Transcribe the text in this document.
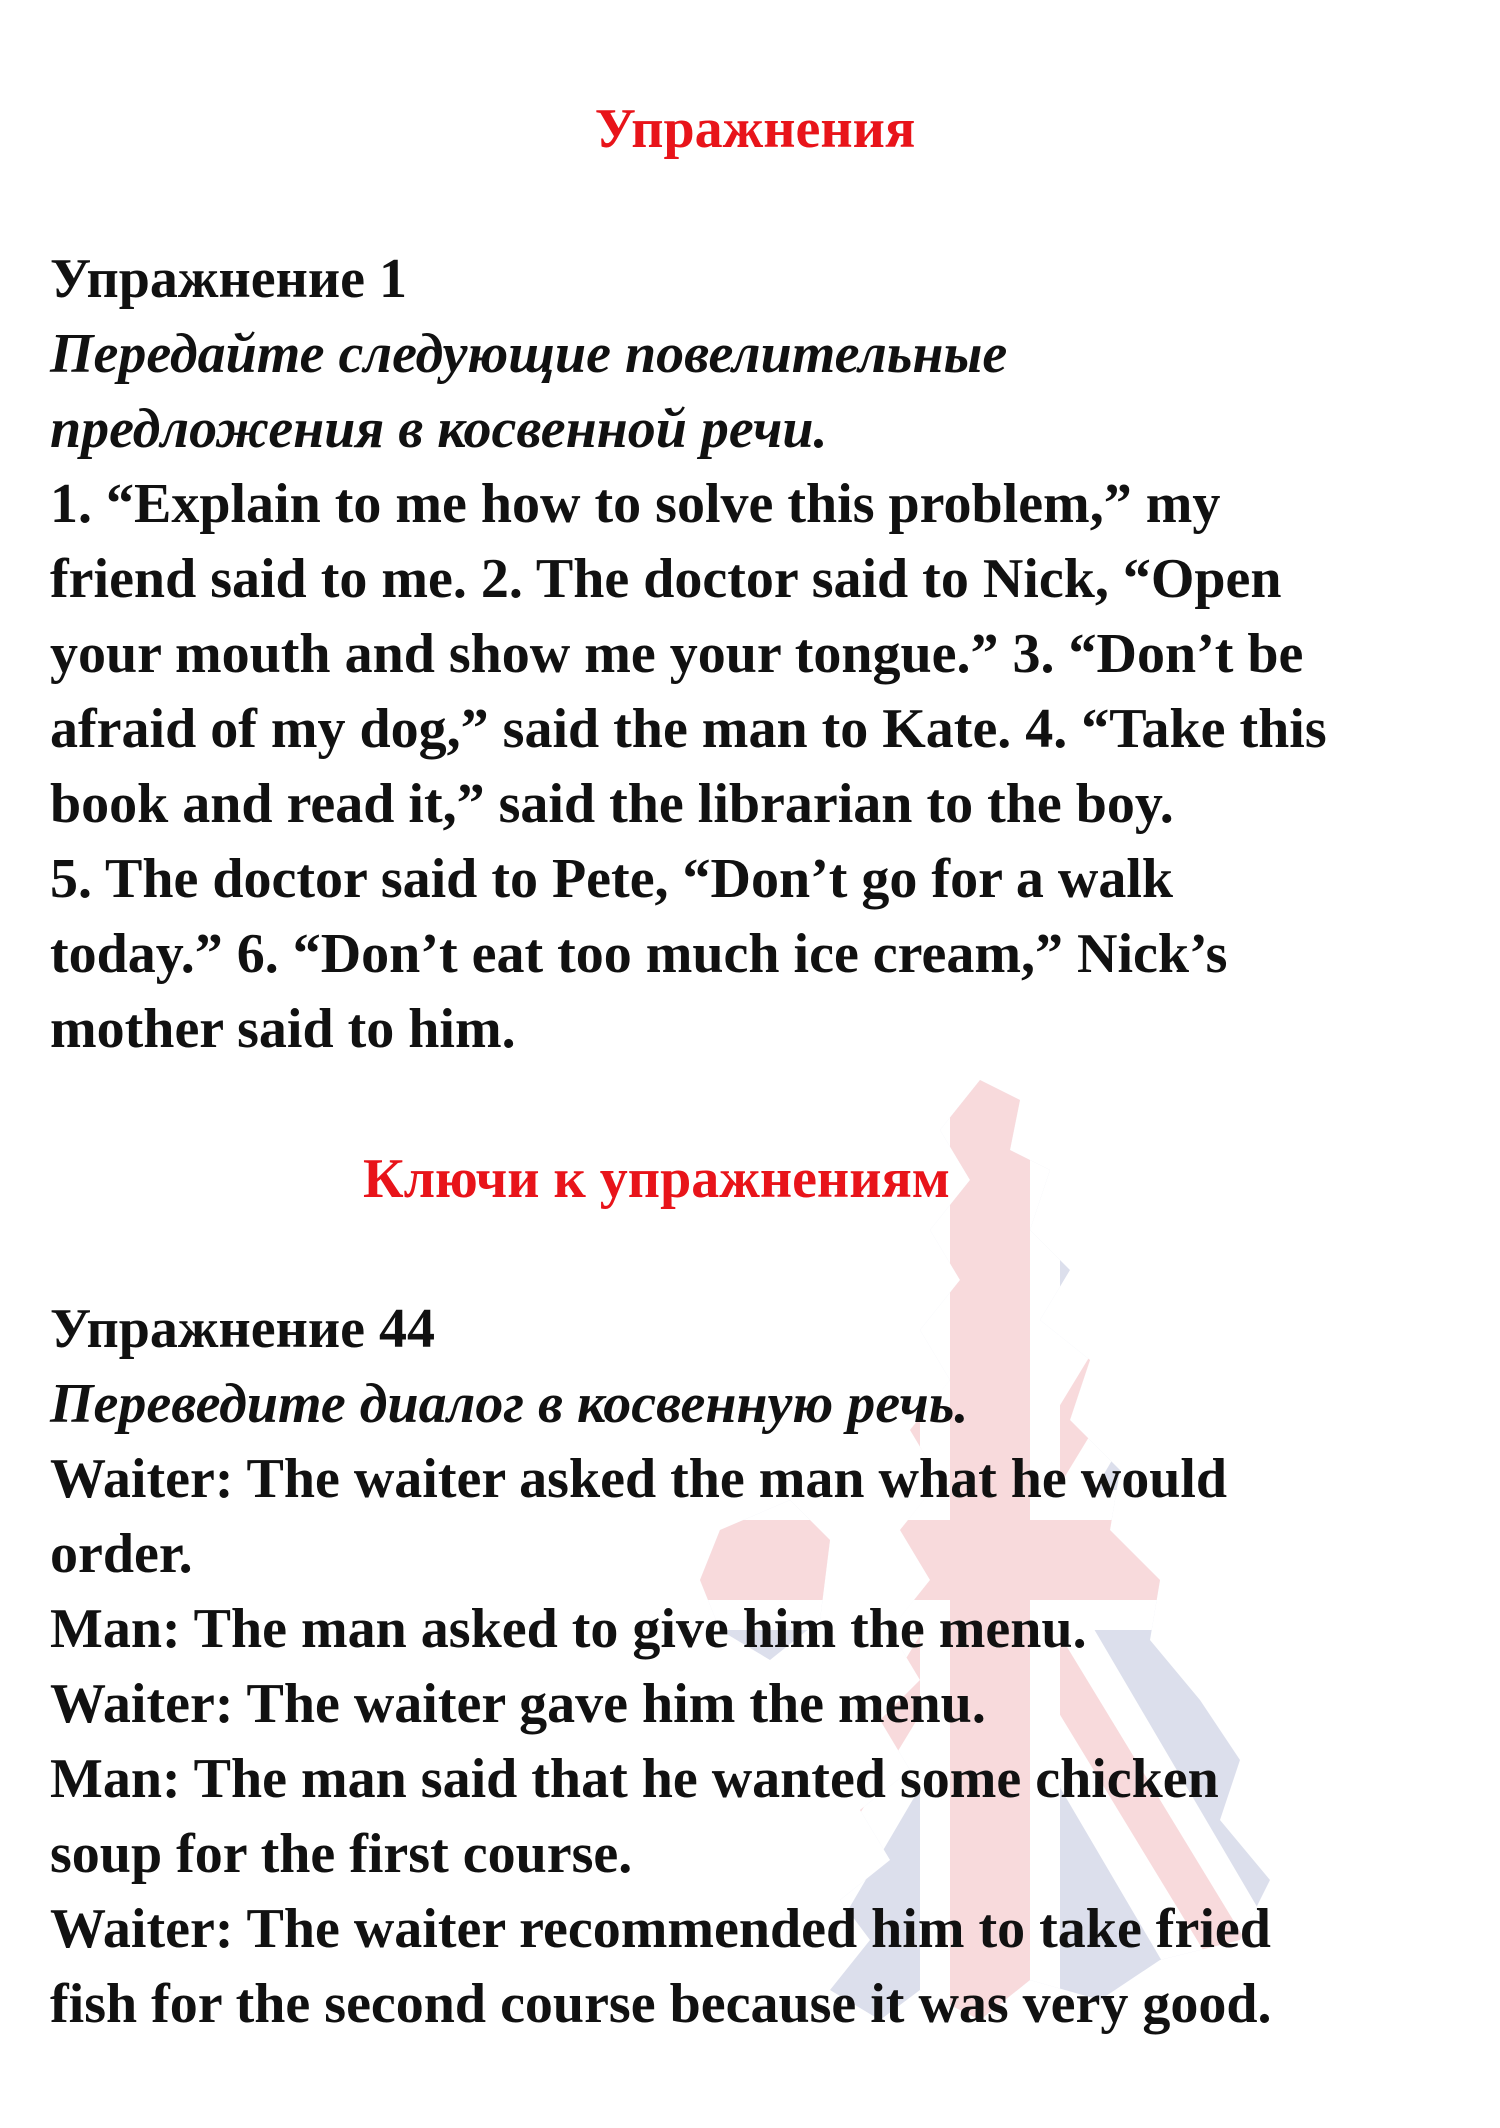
Упражнения

Упражнение 1

Передайте следующие повелительные

предложения в косвенной речи.

1. “Explain to me how to solve this problem,” my

friend said to me. 2. The doctor said to Nick, “Open

your mouth and show me your tongue.” 3. “Don’t be

afraid of my dog,” said the man to Kate. 4. “Take this

book and read it,” said the librarian to the boy.

5. The doctor said to Pete, “Don’t go for a walk

today.” 6. “Don’t eat too much ice cream,” Nick’s

mother said to him.

Ключи к упражнениям

Упражнение 44

Переведите диалог в косвенную речь.

Waiter: The waiter asked the man what he would

order.

Man: The man asked to give him the menu.

Waiter: The waiter gave him the menu.

Man: The man said that he wanted some chicken

soup for the first course.

Waiter: The waiter recommended him to take fried

fish for the second course because it was very good.
